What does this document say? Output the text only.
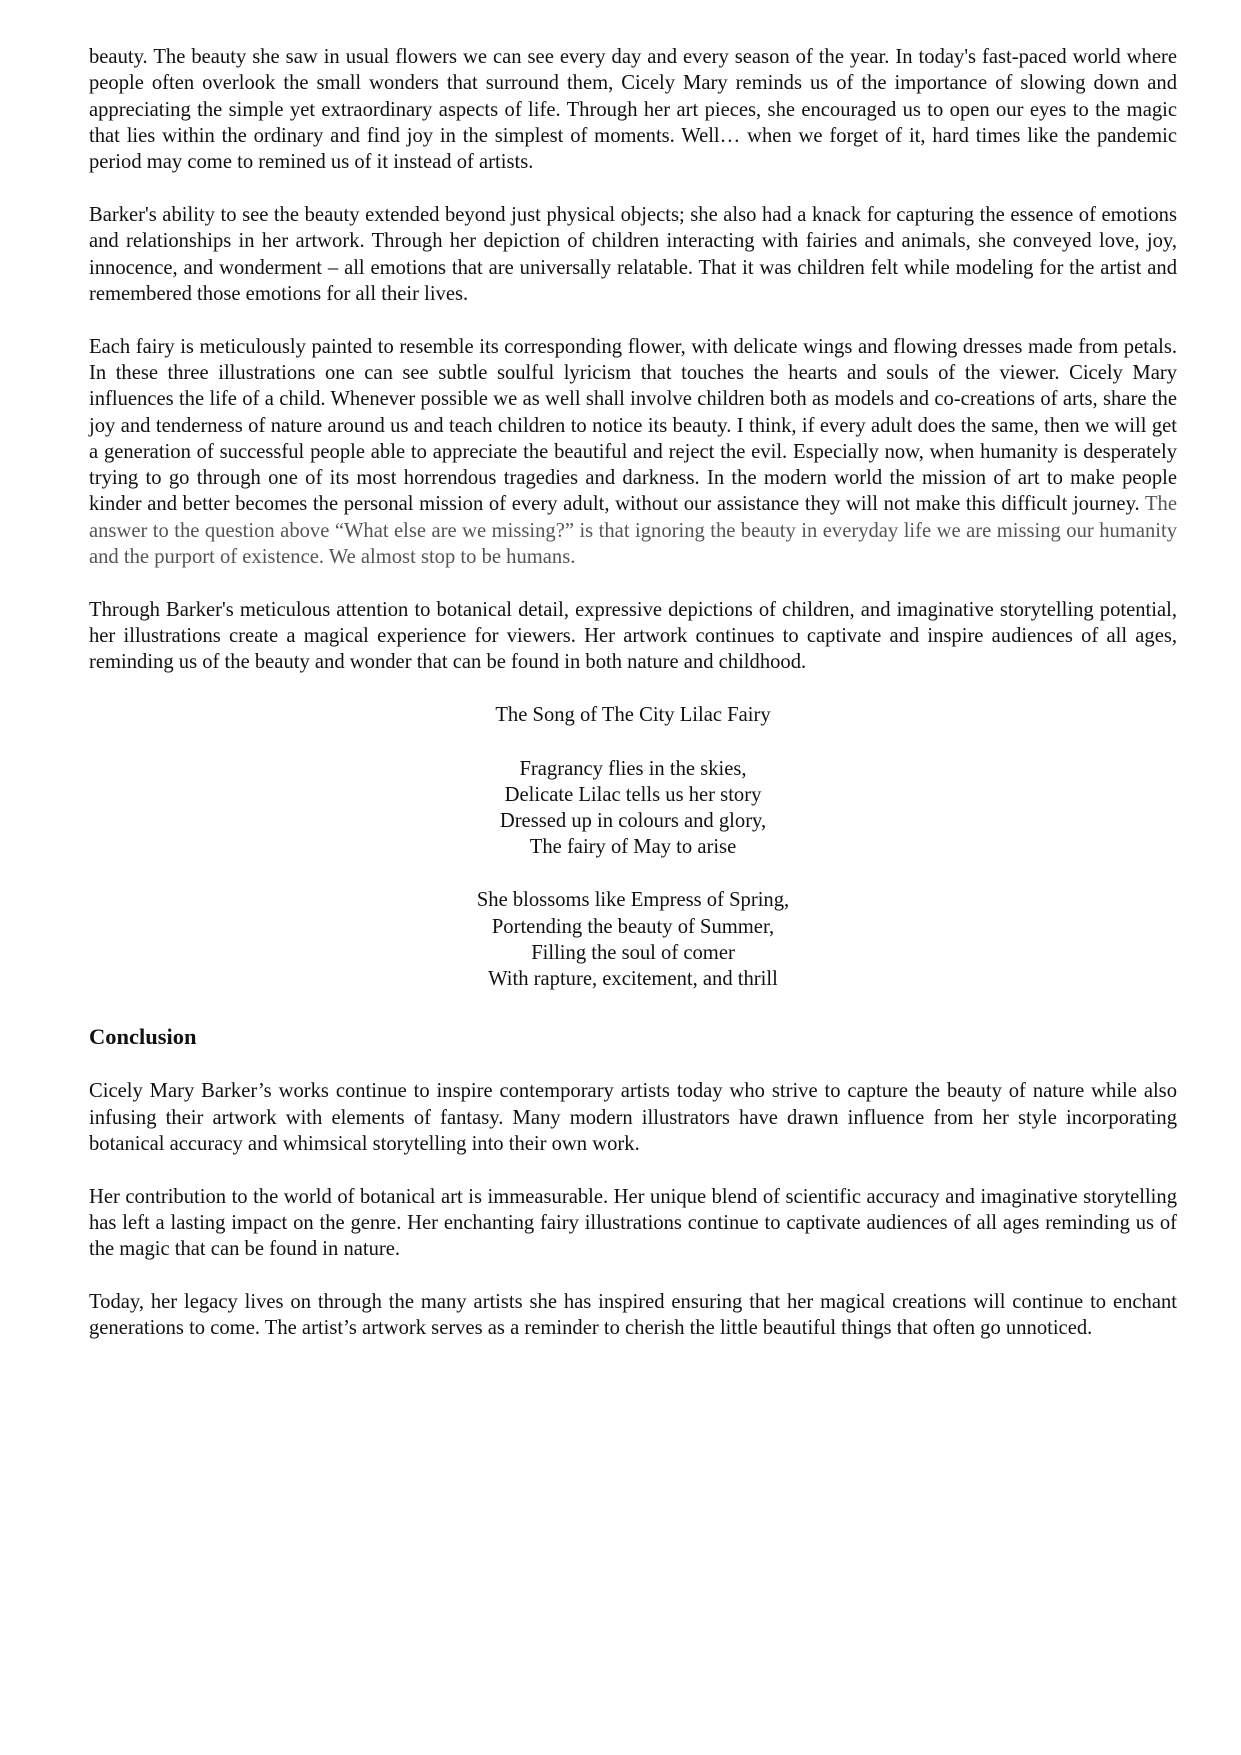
beauty. The beauty she saw in usual flowers we can see every day and every season of the year. In today's fast-paced world where people often overlook the small wonders that surround them, Cicely Mary reminds us of the importance of slowing down and appreciating the simple yet extraordinary aspects of life. Through her art pieces, she encouraged us to open our eyes to the magic that lies within the ordinary and find joy in the simplest of moments. Well… when we forget of it, hard times like the pandemic period may come to remined us of it instead of artists.

Barker's ability to see the beauty extended beyond just physical objects; she also had a knack for capturing the essence of emotions and relationships in her artwork. Through her depiction of children interacting with fairies and animals, she conveyed love, joy, innocence, and wonderment – all emotions that are universally relatable. That it was children felt while modeling for the artist and remembered those emotions for all their lives.

Each fairy is meticulously painted to resemble its corresponding flower, with delicate wings and flowing dresses made from petals. In these three illustrations one can see subtle soulful lyricism that touches the hearts and souls of the viewer. Cicely Mary influences the life of a child. Whenever possible we as well shall involve children both as models and co-creations of arts, share the joy and tenderness of nature around us and teach children to notice its beauty. I think, if every adult does the same, then we will get a generation of successful people able to appreciate the beautiful and reject the evil. Especially now, when humanity is desperately trying to go through one of its most horrendous tragedies and darkness. In the modern world the mission of art to make people kinder and better becomes the personal mission of every adult, without our assistance they will not make this difficult journey. The answer to the question above “What else are we missing?” is that ignoring the beauty in everyday life we are missing our humanity and the purport of existence. We almost stop to be humans.

Through Barker's meticulous attention to botanical detail, expressive depictions of children, and imaginative storytelling potential, her illustrations create a magical experience for viewers. Her artwork continues to captivate and inspire audiences of all ages, reminding us of the beauty and wonder that can be found in both nature and childhood.

The Song of The City Lilac Fairy
Fragrancy flies in the skies,
Delicate Lilac tells us her story
Dressed up in colours and glory,
The fairy of May to arise
She blossoms like Empress of Spring,
Portending the beauty of Summer,
Filling the soul of comer
With rapture, excitement, and thrill
Conclusion

Cicely Mary Barker’s works continue to inspire contemporary artists today who strive to capture the beauty of nature while also infusing their artwork with elements of fantasy. Many modern illustrators have drawn influence from her style incorporating botanical accuracy and whimsical storytelling into their own work.

Her contribution to the world of botanical art is immeasurable. Her unique blend of scientific accuracy and imaginative storytelling has left a lasting impact on the genre. Her enchanting fairy illustrations continue to captivate audiences of all ages reminding us of the magic that can be found in nature.

Today, her legacy lives on through the many artists she has inspired ensuring that her magical creations will continue to enchant generations to come. The artist’s artwork serves as a reminder to cherish the little beautiful things that often go unnoticed.
